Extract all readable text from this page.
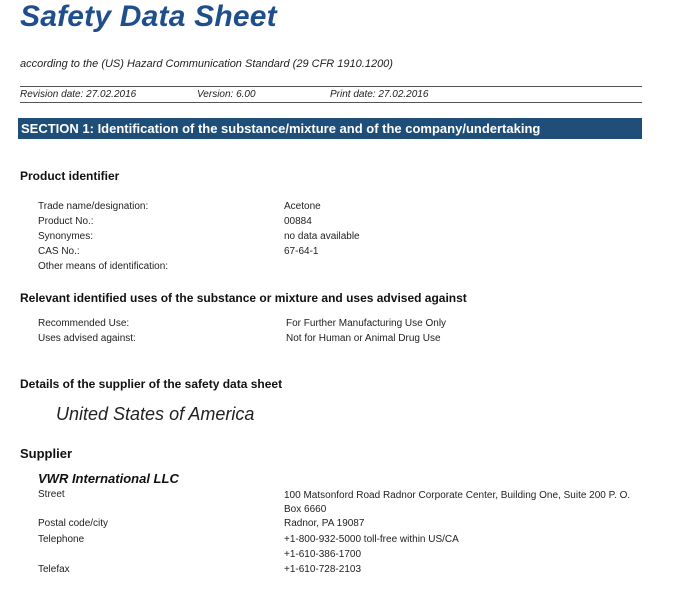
Safety Data Sheet
according to the (US) Hazard Communication Standard (29 CFR 1910.1200)
Revision date: 27.02.2016	Version: 6.00	Print date: 27.02.2016
SECTION 1: Identification of the substance/mixture and of the company/undertaking
Product identifier
Trade name/designation:	Acetone
Product No.:	00884
Synonymes:	no data available
CAS No.:	67-64-1
Other means of identification:
Relevant identified uses of the substance or mixture and uses advised against
Recommended Use:	For Further Manufacturing Use Only
Uses advised against:	Not for Human or Animal Drug Use
Details of the supplier of the safety data sheet
United States of America
Supplier
VWR International LLC
Street	100 Matsonford Road Radnor Corporate Center, Building One, Suite 200 P. O. Box 6660
Postal code/city	Radnor, PA 19087
Telephone	+1-800-932-5000 toll-free within US/CA
+1-610-386-1700
Telefax	+1-610-728-2103
